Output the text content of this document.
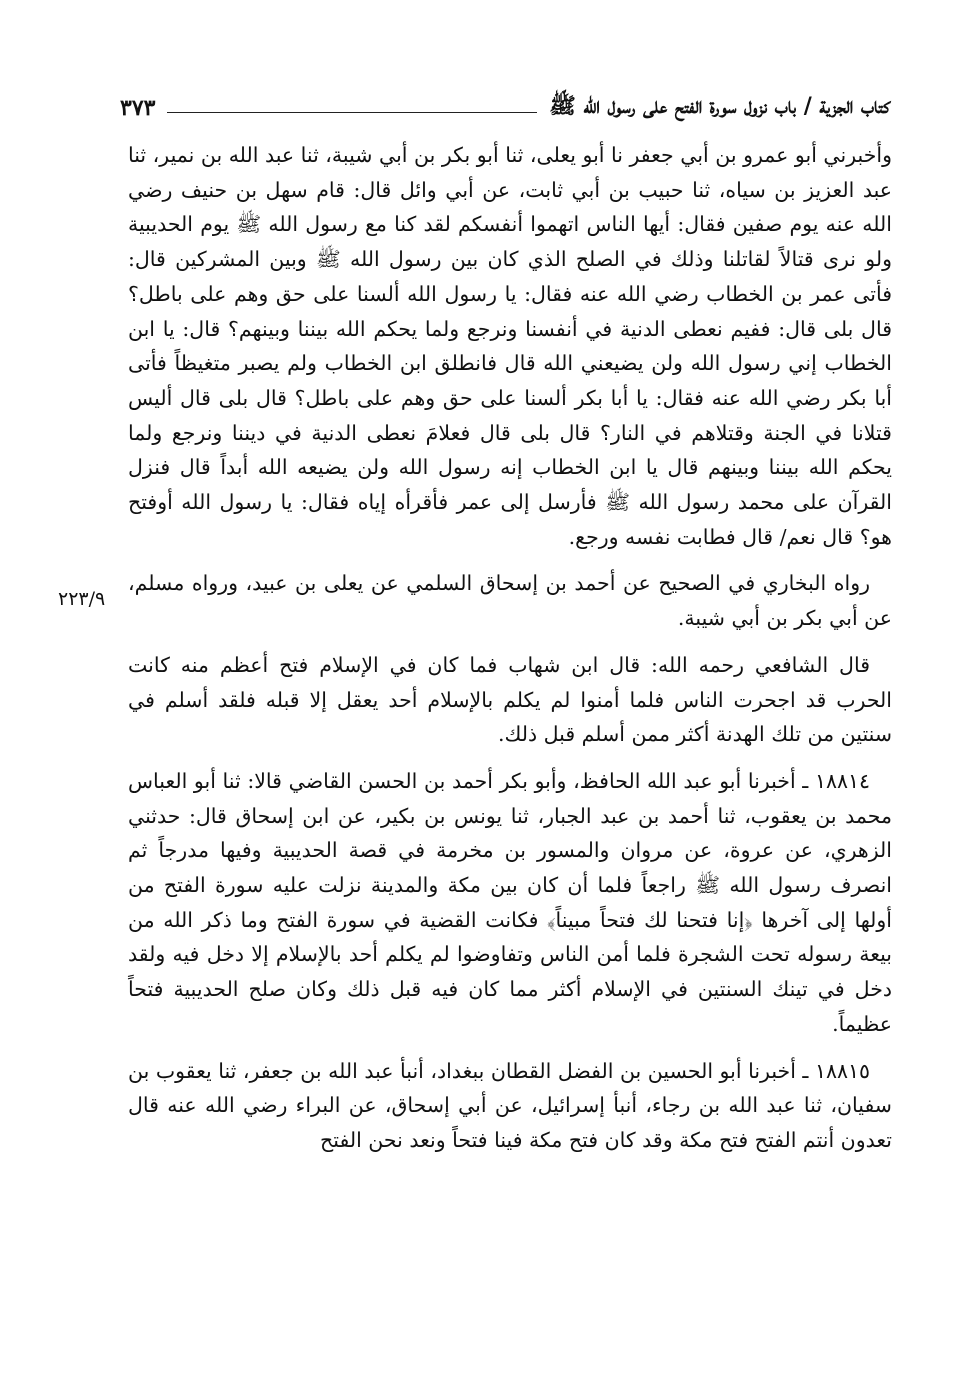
كتاب الجزية / باب نزول سورة الفتح على رسول الله ﷺ
٣٧٣
٢٢٣/٩

وأخبرني أبو عمرو بن أبي جعفر نا أبو يعلى، ثنا أبو بكر بن أبي شيبة، ثنا عبد الله بن نمير، ثنا عبد العزيز بن سياه، ثنا حبيب بن أبي ثابت، عن أبي وائل قال: قام سهل بن حنيف رضي الله عنه يوم صفين فقال: أيها الناس اتهموا أنفسكم لقد كنا مع رسول الله ﷺ يوم الحديبية ولو نرى قتالاً لقاتلنا وذلك في الصلح الذي كان بين رسول الله ﷺ وبين المشركين قال: فأتى عمر بن الخطاب رضي الله عنه فقال: يا رسول الله ألسنا على حق وهم على باطل؟ قال بلى قال: ففيم نعطى الدنية في أنفسنا ونرجع ولما يحكم الله بيننا وبينهم؟ قال: يا ابن الخطاب إني رسول الله ولن يضيعني الله قال فانطلق ابن الخطاب ولم يصبر متغيظاً فأتى أبا بكر رضي الله عنه فقال: يا أبا بكر ألسنا على حق وهم على باطل؟ قال بلى قال أليس قتلانا في الجنة وقتلاهم في النار؟ قال بلى قال فعلامَ نعطى الدنية في ديننا ونرجع ولما يحكم الله بيننا وبينهم قال يا ابن الخطاب إنه رسول الله ولن يضيعه الله أبداً قال فنزل القرآن على محمد رسول الله ﷺ فأرسل إلى عمر فأقرأه إياه فقال: يا رسول الله أوفتح هو؟ قال نعم/ قال فطابت نفسه ورجع.

رواه البخاري في الصحيح عن أحمد بن إسحاق السلمي عن يعلى بن عبيد، ورواه مسلم، عن أبي بكر بن أبي شيبة.

قال الشافعي رحمه الله: قال ابن شهاب فما كان في الإسلام فتح أعظم منه كانت الحرب قد اجحرت الناس فلما أمنوا لم يكلم بالإسلام أحد يعقل إلا قبله فلقد أسلم في سنتين من تلك الهدنة أكثر ممن أسلم قبل ذلك.

١٨٨١٤ ـ أخبرنا أبو عبد الله الحافظ، وأبو بكر أحمد بن الحسن القاضي قالا: ثنا أبو العباس محمد بن يعقوب، ثنا أحمد بن عبد الجبار، ثنا يونس بن بكير، عن ابن إسحاق قال: حدثني الزهري، عن عروة، عن مروان والمسور بن مخرمة في قصة الحديبية وفيها مدرجاً ثم انصرف رسول الله ﷺ راجعاً فلما أن كان بين مكة والمدينة نزلت عليه سورة الفتح من أولها إلى آخرها ﴿إنا فتحنا لك فتحاً مبيناً﴾ فكانت القضية في سورة الفتح وما ذكر الله من بيعة رسوله تحت الشجرة فلما أمن الناس وتفاوضوا لم يكلم أحد بالإسلام إلا دخل فيه ولقد دخل في تينك السنتين في الإسلام أكثر مما كان فيه قبل ذلك وكان صلح الحديبية فتحاً عظيماً.

١٨٨١٥ ـ أخبرنا أبو الحسين بن الفضل القطان ببغداد، أنبأ عبد الله بن جعفر، ثنا يعقوب بن سفيان، ثنا عبد الله بن رجاء، أنبأ إسرائيل، عن أبي إسحاق، عن البراء رضي الله عنه قال تعدون أنتم الفتح فتح مكة وقد كان فتح مكة فينا فتحاً ونعد نحن الفتح
